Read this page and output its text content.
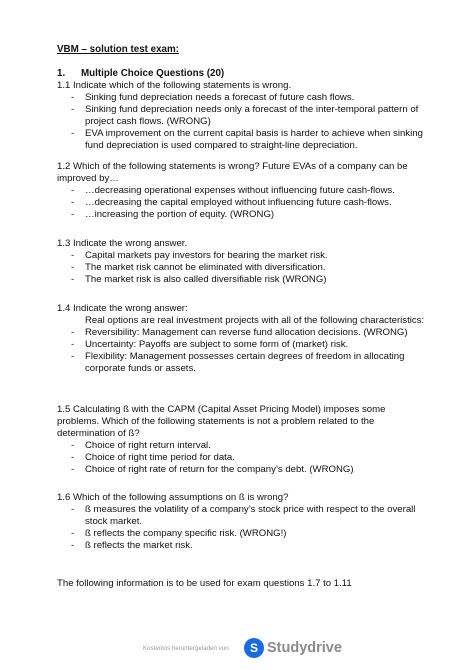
VBM – solution test exam:
1. Multiple Choice Questions (20)
1.1 Indicate which of the following statements is wrong.
- Sinking fund depreciation needs a forecast of future cash flows.
- Sinking fund depreciation needs only a forecast of the inter-temporal pattern of project cash flows. (WRONG)
- EVA improvement on the current capital basis is harder to achieve when sinking fund depreciation is used compared to straight-line depreciation.
1.2 Which of the following statements is wrong? Future EVAs of a company can be improved by…
- …decreasing operational expenses without influencing future cash-flows.
- …decreasing the capital employed without influencing future cash-flows.
- …increasing the portion of equity. (WRONG)
1.3 Indicate the wrong answer.
- Capital markets pay investors for bearing the market risk.
- The market risk cannot be eliminated with diversification.
- The market risk is also called diversifiable risk (WRONG)
1.4 Indicate the wrong answer:
Real options are real investment projects with all of the following characteristics:
- Reversibility: Management can reverse fund allocation decisions. (WRONG)
- Uncertainty: Payoffs are subject to some form of (market) risk.
- Flexibility: Management possesses certain degrees of freedom in allocating corporate funds or assets.
1.5 Calculating ß with the CAPM (Capital Asset Pricing Model) imposes some problems. Which of the following statements is not a problem related to the determination of ß?
- Choice of right return interval.
- Choice of right time period for data.
- Choice of right rate of return for the company’s debt. (WRONG)
1.6 Which of the following assumptions on ß is wrong?
- ß measures the volatility of a company’s stock price with respect to the overall stock market.
- ß reflects the company specific risk. (WRONG!)
- ß reflects the market risk.
The following information is to be used for exam questions 1.7 to 1.11
Kostenlos heruntergeladen von	S Studydrive
